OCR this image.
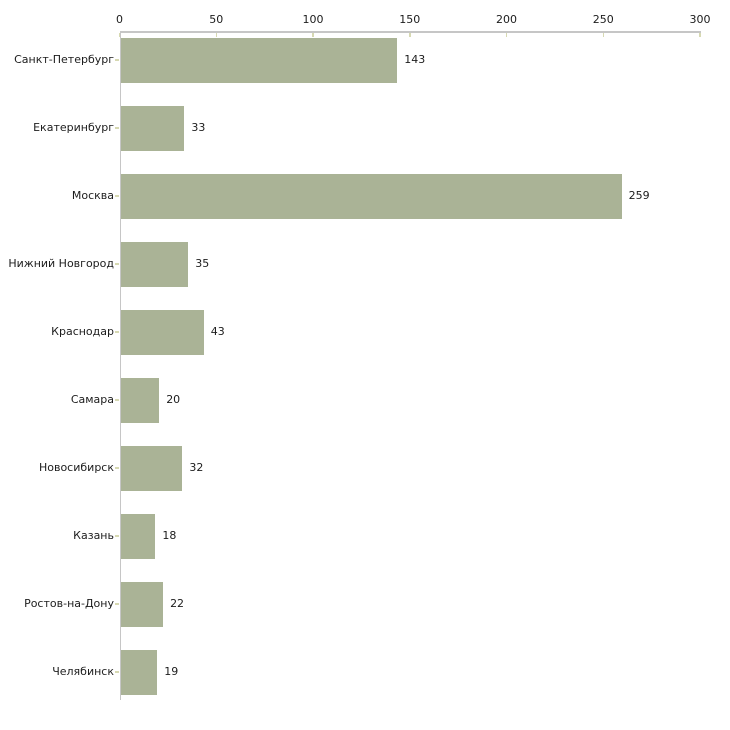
0	50	100	150	200	250	300
Санкт-Петербург	143
Екатеринбург	33
Москва	259
Нижний Новгород	35
Краснодар	43
Самара	20
Новосибирск	32
Казань	18
Ростов-на-Дону	22
Челябинск	19
